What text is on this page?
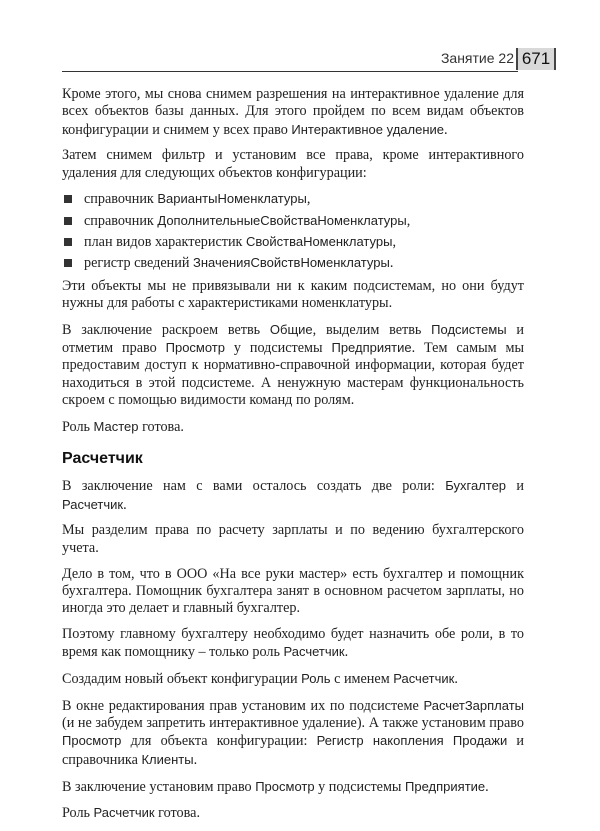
Занятие 22 671

Кроме этого, мы снова снимем разрешения на интерактивное удаление для всех объектов базы данных. Для этого пройдем по всем видам объектов конфигурации и снимем у всех право Интерактивное удаление.

Затем снимем фильтр и установим все права, кроме интерактивного удаления для следующих объектов конфигурации:

справочник ВариантыНоменклатуры,
справочник ДополнительныеСвойстваНоменклатуры,
план видов характеристик СвойстваНоменклатуры,
регистр сведений ЗначенияСвойствНоменклатуры.

Эти объекты мы не привязывали ни к каким подсистемам, но они будут нужны для работы с характеристиками номенклатуры.

В заключение раскроем ветвь Общие, выделим ветвь Подсистемы и отметим право Просмотр у подсистемы Предприятие. Тем самым мы предоставим доступ к нормативно-справочной информации, которая будет находиться в этой подсистеме. А ненужную мастерам функциональность скроем с помощью видимости команд по ролям.

Роль Мастер готова.

Расчетчик

В заключение нам с вами осталось создать две роли: Бухгалтер и Расчетчик.

Мы разделим права по расчету зарплаты и по ведению бухгалтерского учета.

Дело в том, что в ООО «На все руки мастер» есть бухгалтер и помощник бухгалтера. Помощник бухгалтера занят в основном расчетом зарплаты, но иногда это делает и главный бухгалтер.

Поэтому главному бухгалтеру необходимо будет назначить обе роли, в то время как помощнику – только роль Расчетчик.

Создадим новый объект конфигурации Роль с именем Расчетчик.

В окне редактирования прав установим их по подсистеме РасчетЗарплаты (и не забудем запретить интерактивное удаление). А также установим право Просмотр для объекта конфигурации: Регистр накопления Продажи и справочника Клиенты.

В заключение установим право Просмотр у подсистемы Предприятие.

Роль Расчетчик готова.
